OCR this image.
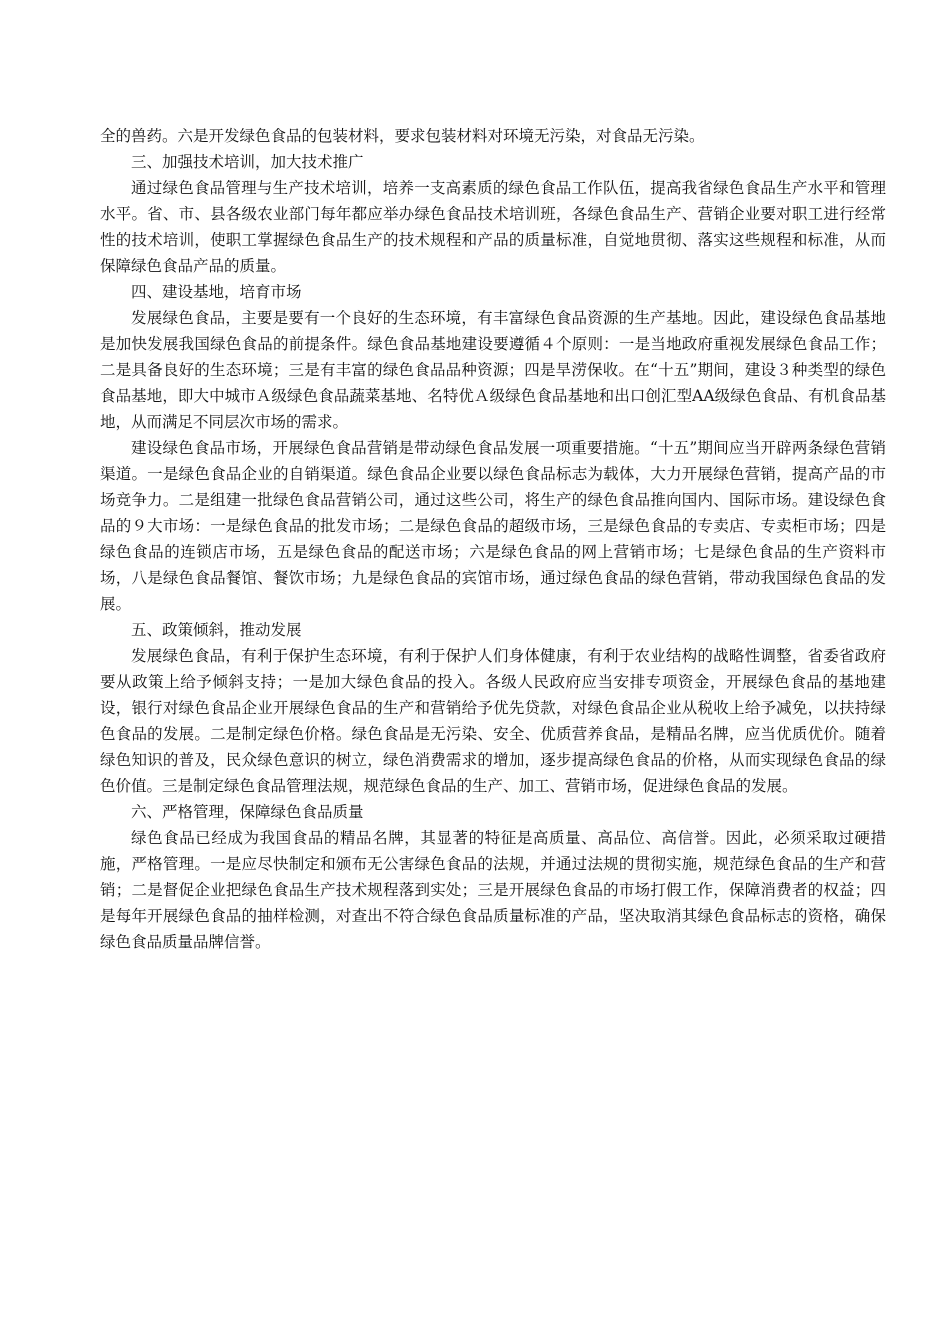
全的兽药。六是开发绿色食品的包装材料，要求包装材料对环境无污染，对食品无污染。

三、加强技术培训，加大技术推广

通过绿色食品管理与生产技术培训，培养一支高素质的绿色食品工作队伍，提高我省绿色食品生产水平和管理水平。省、市、县各级农业部门每年都应举办绿色食品技术培训班，各绿色食品生产、营销企业要对职工进行经常性的技术培训，使职工掌握绿色食品生产的技术规程和产品的质量标准，自觉地贯彻、落实这些规程和标准，从而保障绿色食品产品的质量。

四、建设基地，培育市场

发展绿色食品，主要是要有一个良好的生态环境，有丰富绿色食品资源的生产基地。因此，建设绿色食品基地是加快发展我国绿色食品的前提条件。绿色食品基地建设要遵循４个原则：一是当地政府重视发展绿色食品工作；二是具备良好的生态环境；三是有丰富的绿色食品品种资源；四是旱涝保收。在“十五”期间，建设３种类型的绿色食品基地，即大中城市Ａ级绿色食品蔬菜基地、名特优Ａ级绿色食品基地和出口创汇型AA级绿色食品、有机食品基地，从而满足不同层次市场的需求。

建设绿色食品市场，开展绿色食品营销是带动绿色食品发展一项重要措施。“十五”期间应当开辟两条绿色营销渠道。一是绿色食品企业的自销渠道。绿色食品企业要以绿色食品标志为载体，大力开展绿色营销，提高产品的市场竞争力。二是组建一批绿色食品营销公司，通过这些公司，将生产的绿色食品推向国内、国际市场。建设绿色食品的９大市场：一是绿色食品的批发市场；二是绿色食品的超级市场，三是绿色食品的专卖店、专卖柜市场；四是绿色食品的连锁店市场，五是绿色食品的配送市场；六是绿色食品的网上营销市场；七是绿色食品的生产资料市场，八是绿色食品餐馆、餐饮市场；九是绿色食品的宾馆市场，通过绿色食品的绿色营销，带动我国绿色食品的发展。

五、政策倾斜，推动发展

发展绿色食品，有利于保护生态环境，有利于保护人们身体健康，有利于农业结构的战略性调整，省委省政府要从政策上给予倾斜支持；一是加大绿色食品的投入。各级人民政府应当安排专项资金，开展绿色食品的基地建设，银行对绿色食品企业开展绿色食品的生产和营销给予优先贷款，对绿色食品企业从税收上给予减免，以扶持绿色食品的发展。二是制定绿色价格。绿色食品是无污染、安全、优质营养食品，是精品名牌，应当优质优价。随着绿色知识的普及，民众绿色意识的树立，绿色消费需求的增加，逐步提高绿色食品的价格，从而实现绿色食品的绿色价值。三是制定绿色食品管理法规，规范绿色食品的生产、加工、营销市场，促进绿色食品的发展。

六、严格管理，保障绿色食品质量

绿色食品已经成为我国食品的精品名牌，其显著的特征是高质量、高品位、高信誉。因此，必须采取过硬措施，严格管理。一是应尽快制定和颁布无公害绿色食品的法规，并通过法规的贯彻实施，规范绿色食品的生产和营销；二是督促企业把绿色食品生产技术规程落到实处；三是开展绿色食品的市场打假工作，保障消费者的权益；四是每年开展绿色食品的抽样检测，对查出不符合绿色食品质量标准的产品，坚决取消其绿色食品标志的资格，确保绿色食品质量品牌信誉。
